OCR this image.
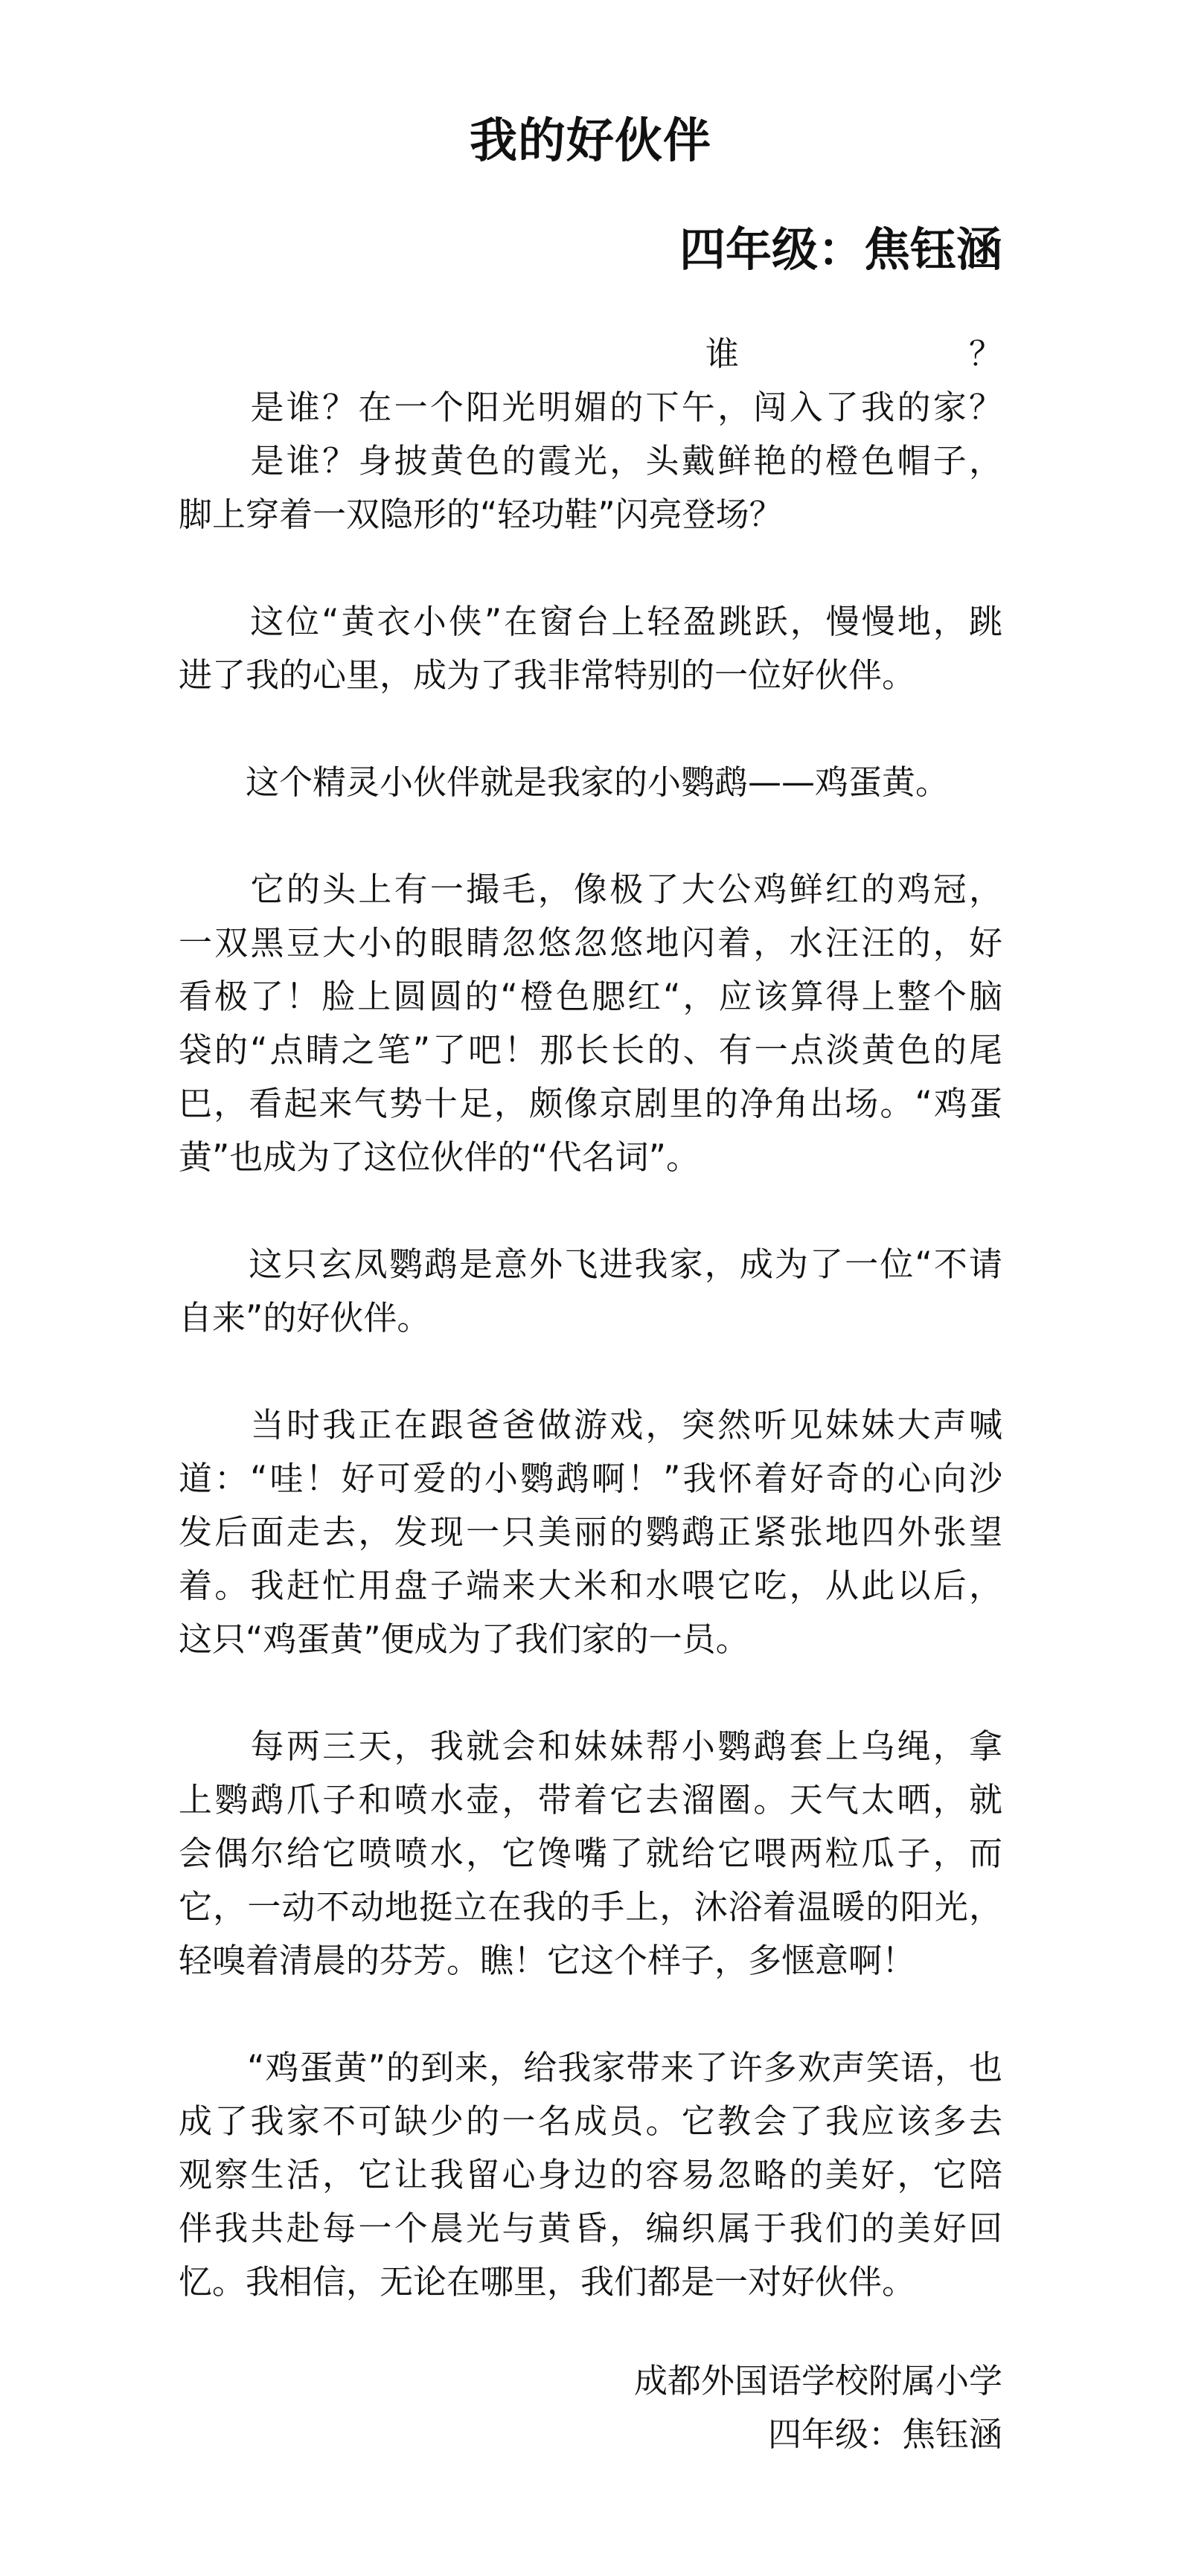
我的好伙伴
四年级：焦钰涵
　　谁？
　　是谁？在一个阳光明媚的下午，闯入了我的家？
　　是谁？身披黄色的霞光，头戴鲜艳的橙色帽子，
脚上穿着一双隐形的“轻功鞋”闪亮登场？
　　这位“黄衣小侠”在窗台上轻盈跳跃，慢慢地，跳
进了我的心里，成为了我非常特别的一位好伙伴。
　　这个精灵小伙伴就是我家的小鹦鹉——鸡蛋黄。
　　它的头上有一撮毛，像极了大公鸡鲜红的鸡冠，
一双黑豆大小的眼睛忽悠忽悠地闪着，水汪汪的，好
看极了！脸上圆圆的“橙色腮红“，应该算得上整个脑
袋的“点睛之笔”了吧！那长长的、有一点淡黄色的尾
巴，看起来气势十足，颇像京剧里的净角出场。“鸡蛋
黄”也成为了这位伙伴的“代名词”。
　　这只玄凤鹦鹉是意外飞进我家，成为了一位“不请
自来”的好伙伴。
　　当时我正在跟爸爸做游戏，突然听见妹妹大声喊
道：“哇！好可爱的小鹦鹉啊！”我怀着好奇的心向沙
发后面走去，发现一只美丽的鹦鹉正紧张地四外张望
着。我赶忙用盘子端来大米和水喂它吃，从此以后，
这只“鸡蛋黄”便成为了我们家的一员。
　　每两三天，我就会和妹妹帮小鹦鹉套上乌绳，拿
上鹦鹉爪子和喷水壶，带着它去溜圈。天气太晒，就
会偶尔给它喷喷水，它馋嘴了就给它喂两粒瓜子，而
它，一动不动地挺立在我的手上，沐浴着温暖的阳光，
轻嗅着清晨的芬芳。瞧！它这个样子，多惬意啊！
　　“鸡蛋黄”的到来，给我家带来了许多欢声笑语，也
成了我家不可缺少的一名成员。它教会了我应该多去
观察生活，它让我留心身边的容易忽略的美好，它陪
伴我共赴每一个晨光与黄昏，编织属于我们的美好回
忆。我相信，无论在哪里，我们都是一对好伙伴。
成都外国语学校附属小学
四年级：焦钰涵
